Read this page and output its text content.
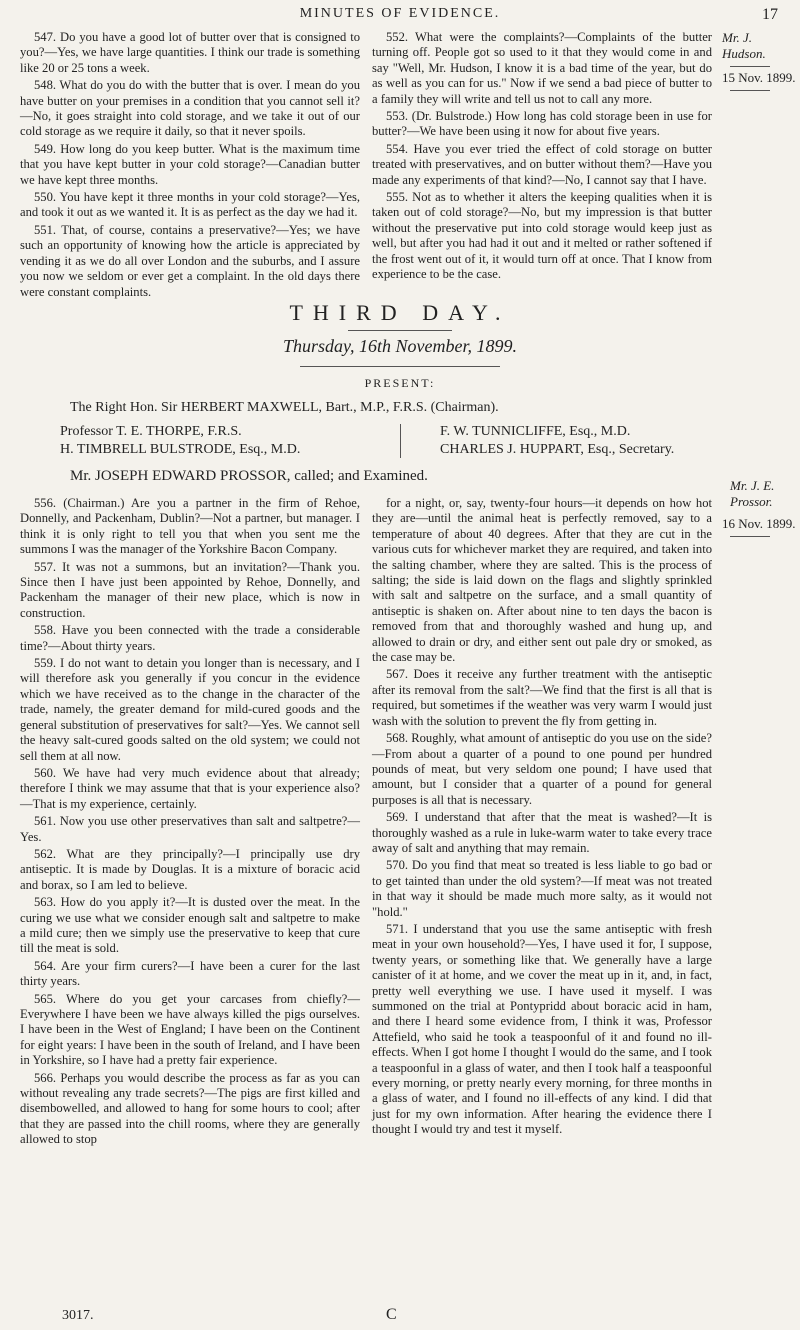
MINUTES OF EVIDENCE.	17

547. Do you have a good lot of butter over that is consigned to you?—Yes, we have large quantities. I think our trade is something like 20 or 25 tons a week.

548. What do you do with the butter that is over. I mean do you have butter on your premises in a condition that you cannot sell it?—No, it goes straight into cold storage, and we take it out of our cold storage as we require it daily, so that it never spoils.

549. How long do you keep butter. What is the maximum time that you have kept butter in your cold storage?—Canadian butter we have kept three months.

550. You have kept it three months in your cold storage?—Yes, and took it out as we wanted it. It is as perfect as the day we had it.

551. That, of course, contains a preservative?—Yes; we have such an opportunity of knowing how the article is appreciated by vending it as we do all over London and the suburbs, and I assure you now we seldom or ever get a complaint. In the old days there were constant complaints.

552. What were the complaints?—Complaints of the butter turning off. People got so used to it that they would come in and say "Well, Mr. Hudson, I know it is a bad time of the year, but do as well as you can for us." Now if we send a bad piece of butter to a family they will write and tell us not to call any more.

553. (Dr. Bulstrode.) How long has cold storage been in use for butter?—We have been using it now for about five years.

554. Have you ever tried the effect of cold storage on butter treated with preservatives, and on butter without them?—Have you made any experiments of that kind?—No, I cannot say that I have.

555. Not as to whether it alters the keeping qualities when it is taken out of cold storage?—No, but my impression is that butter without the preservative put into cold storage would keep just as well, but after you had had it out and it melted or rather softened if the frost went out of it, it would turn off at once. That I know from experience to be the case.

Mr. J. Hudson.
15 Nov. 1899.
THIRD DAY.
Thursday, 16th November, 1899.
PRESENT:
The Right Hon. Sir HERBERT MAXWELL, Bart., M.P., F.R.S. (Chairman).
Professor T. E. THORPE, F.R.S.
H. TIMBRELL BULSTRODE, Esq., M.D.
F. W. TUNNICLIFFE, Esq., M.D.
CHARLES J. HUPPART, Esq., Secretary.
Mr. JOSEPH EDWARD PROSSOR, called; and Examined.
Mr. J. E. Prossor.
16 Nov. 1899.

556. (Chairman.) Are you a partner in the firm of Rehoe, Donnelly, and Packenham, Dublin?—Not a partner, but manager. I think it is only right to tell you that when you sent me the summons I was the manager of the Yorkshire Bacon Company.

557. It was not a summons, but an invitation?—Thank you. Since then I have just been appointed by Rehoe, Donnelly, and Packenham the manager of their new place, which is now in construction.

558. Have you been connected with the trade a considerable time?—About thirty years.

559. I do not want to detain you longer than is necessary, and I will therefore ask you generally if you concur in the evidence which we have received as to the change in the character of the trade, namely, the greater demand for mild-cured goods and the general substitution of preservatives for salt?—Yes. We cannot sell the heavy salt-cured goods salted on the old system; we could not sell them at all now.

560. We have had very much evidence about that already; therefore I think we may assume that that is your experience also?—That is my experience, certainly.

561. Now you use other preservatives than salt and saltpetre?—Yes.

562. What are they principally?—I principally use dry antiseptic. It is made by Douglas. It is a mixture of boracic acid and borax, so I am led to believe.

563. How do you apply it?—It is dusted over the meat. In the curing we use what we consider enough salt and saltpetre to make a mild cure; then we simply use the preservative to keep that cure till the meat is sold.

564. Are your firm curers?—I have been a curer for the last thirty years.

565. Where do you get your carcases from chiefly?—Everywhere I have been we have always killed the pigs ourselves. I have been in the West of England; I have been on the Continent for eight years: I have been in the south of Ireland, and I have been in Yorkshire, so I have had a pretty fair experience.

566. Perhaps you would describe the process as far as you can without revealing any trade secrets?—The pigs are first killed and disembowelled, and allowed to hang for some hours to cool; after that they are passed into the chill rooms, where they are generally allowed to stop

for a night, or, say, twenty-four hours—it depends on how hot they are—until the animal heat is perfectly removed, say to a temperature of about 40 degrees. After that they are cut in the various cuts for whichever market they are required, and taken into the salting chamber, where they are salted. This is the process of salting; the side is laid down on the flags and slightly sprinkled with salt and saltpetre on the surface, and a small quantity of antiseptic is shaken on. After about nine to ten days the bacon is removed from that and thoroughly washed and hung up, and allowed to drain or dry, and either sent out pale dry or smoked, as the case may be.

567. Does it receive any further treatment with the antiseptic after its removal from the salt?—We find that the first is all that is required, but sometimes if the weather was very warm I would just wash with the solution to prevent the fly from getting in.

568. Roughly, what amount of antiseptic do you use on the side?—From about a quarter of a pound to one pound per hundred pounds of meat, but very seldom one pound; I have used that amount, but I consider that a quarter of a pound for general purposes is all that is necessary.

569. I understand that after that the meat is washed?—It is thoroughly washed as a rule in luke-warm water to take every trace away of salt and anything that may remain.

570. Do you find that meat so treated is less liable to go bad or to get tainted than under the old system?—If meat was not treated in that way it should be made much more salty, as it would not "hold."

571. I understand that you use the same antiseptic with fresh meat in your own household?—Yes, I have used it for, I suppose, twenty years, or something like that. We generally have a large canister of it at home, and we cover the meat up in it, and, in fact, pretty well everything we use. I have used it myself. I was summoned on the trial at Pontypridd about boracic acid in ham, and there I heard some evidence from, I think it was, Professor Attefield, who said he took a teaspoonful of it and found no ill-effects. When I got home I thought I would do the same, and I took a teaspoonful in a glass of water, and then I took half a teaspoonful every morning, or pretty nearly every morning, for three months in a glass of water, and I found no ill-effects of any kind. I did that just for my own information. After hearing the evidence there I thought I would try and test it myself.

3017.	C
